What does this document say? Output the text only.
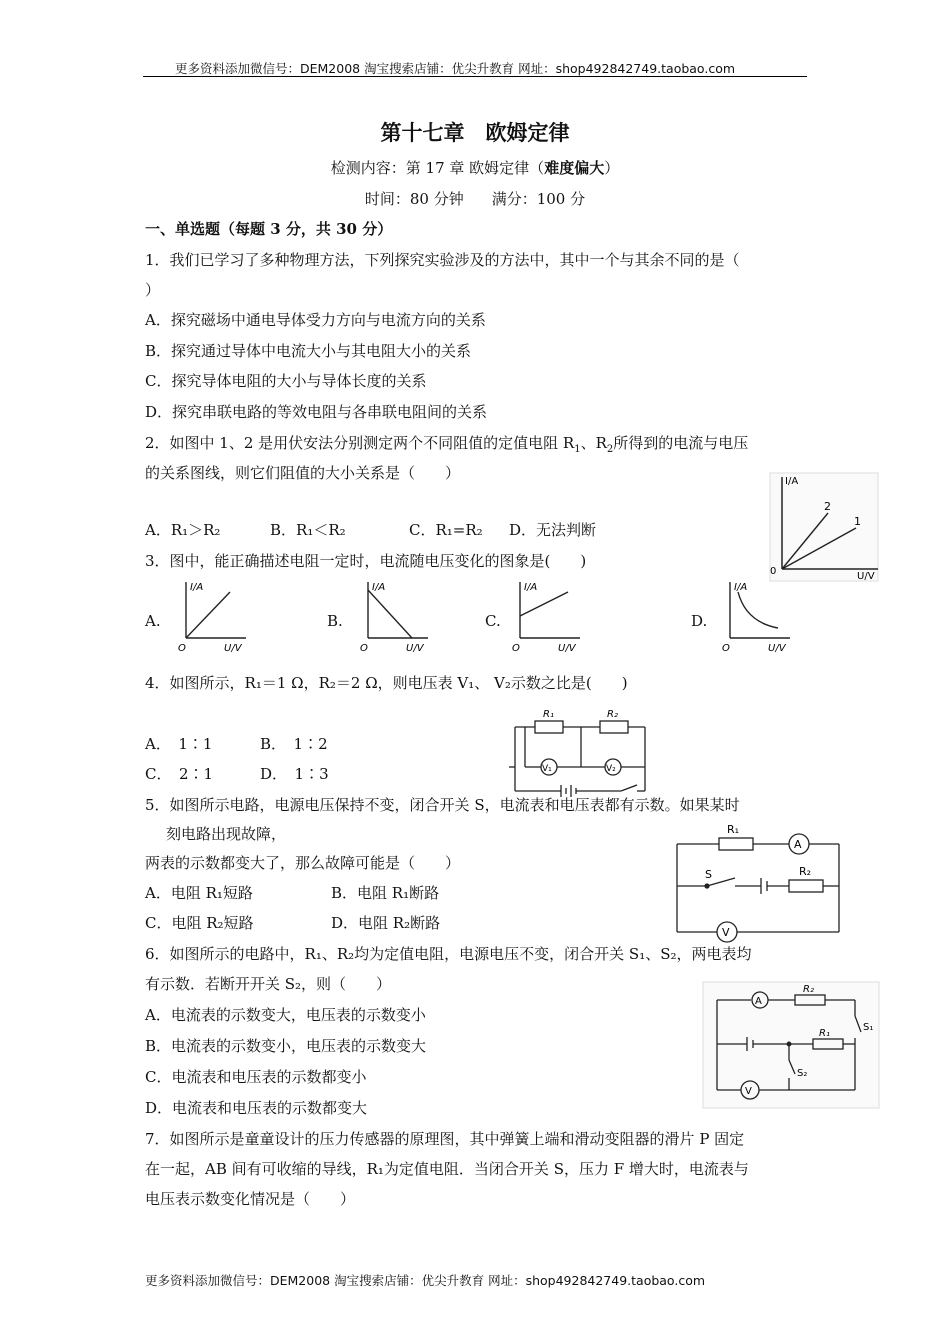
更多资料添加微信号：DEM2008 淘宝搜索店铺：优尖升教育 网址：shop492842749.taobao.com
第十七章　欧姆定律
检测内容：第 17 章 欧姆定律（难度偏大）
时间：80 分钟 满分：100 分
一、单选题（每题 3 分，共 30 分）
1．我们已学习了多种物理方法，下列探究实验涉及的方法中，其中一个与其余不同的是（
）
A．探究磁场中通电导体受力方向与电流方向的关系
B．探究通过导体中电流大小与其电阻大小的关系
C．探究导体电阻的大小与导体长度的关系
D．探究串联电路的等效电阻与各串联电阻间的关系
2．如图中 1、2 是用伏安法分别测定两个不同阻值的定值电阻 $R_1$、$R_2$所得到的电流与电压
的关系图线，则它们阻值的大小关系是（　　）
A．R₁＞R₂	B．R₁＜R₂	C．R₁=R₂ D．无法判断
I/A
U/V
0
2
1
3．图中，能正确描述电阻一定时，电流随电压变化的图象是(　　)
A.
I/A
U/V
O
B.
I/A
U/V
O
C.
I/A
U/V
O
D.
I/A
U/V
O
4．如图所示，R₁＝1 Ω，R₂＝2 Ω，则电压表 V₁、 V₂示数之比是(　　)
A．　1∶1	B．　1∶2
C．　2∶1	D．　1∶3
R₁	R₂
V₁	V₂
5．如图所示电路，电源电压保持不变，闭合开关 S，电流表和电压表都有示数。如果某时
刻电路出现故障，
两表的示数都变大了，那么故障可能是（　　）
A．电阻 R₁短路	B．电阻 R₁断路
C．电阻 R₂短路	D．电阻 R₂断路
R₁
A
S	R₂
V
6．如图所示的电路中，R₁、R₂均为定值电阻，电源电压不变，闭合开关 S₁、S₂，两电表均
有示数．若断开开关 S₂，则（　　）
A．电流表的示数变大，电压表的示数变小
B．电流表的示数变小，电压表的示数变大
C．电流表和电压表的示数都变小
D．电流表和电压表的示数都变大
A
R₂
R₁
S₁
S₂
V
7．如图所示是童童设计的压力传感器的原理图，其中弹簧上端和滑动变阻器的滑片 P 固定
在一起，AB 间有可收缩的导线，R₁为定值电阻．当闭合开关 S，压力 F 增大时，电流表与
电压表示数变化情况是（　　）
更多资料添加微信号：DEM2008 淘宝搜索店铺：优尖升教育 网址：shop492842749.taobao.com
